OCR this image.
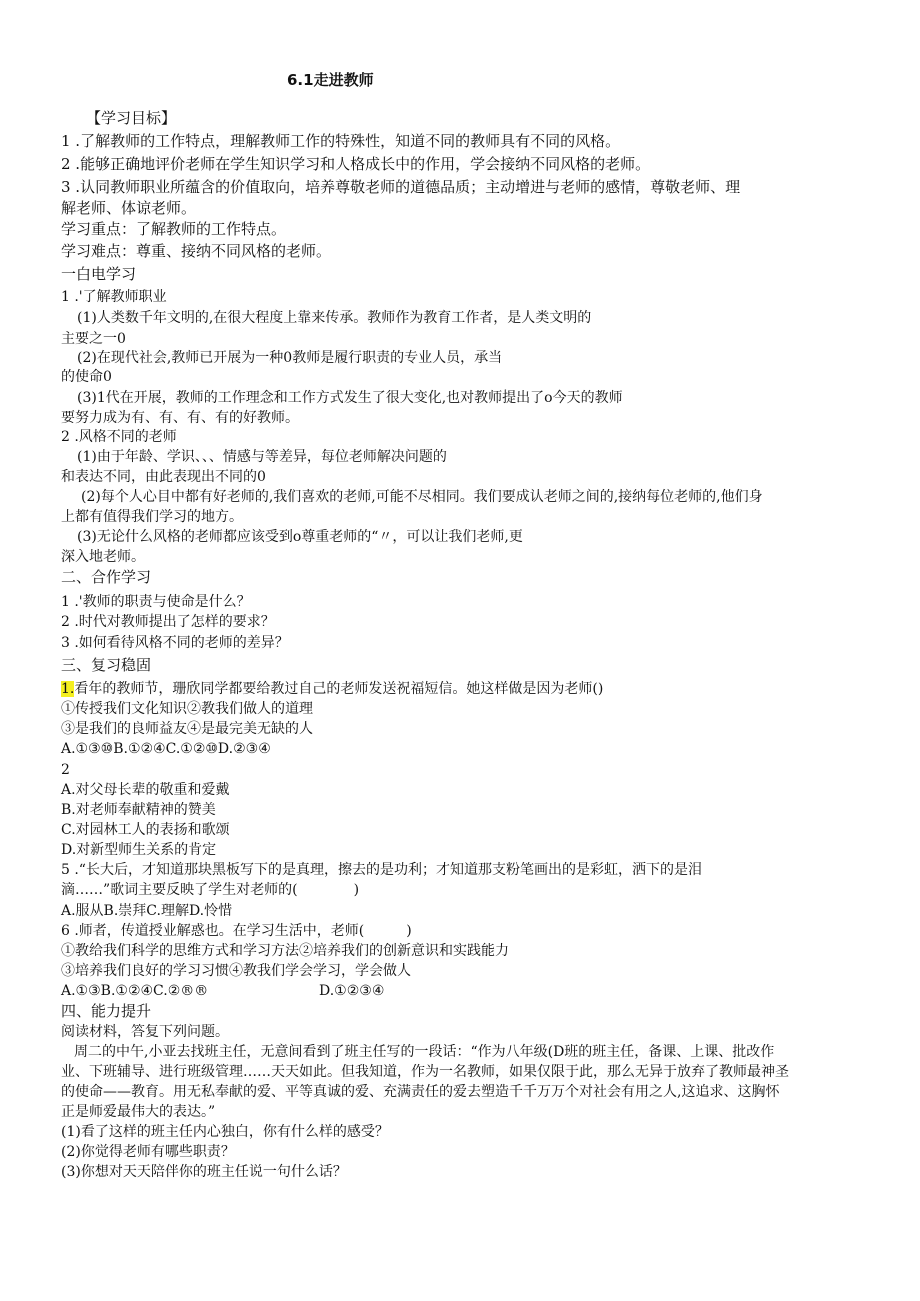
6.1走进教师
【学习目标】
1 .了解教师的工作特点，理解教师工作的特殊性，知道不同的教师具有不同的风格。
2 .能够正确地评价老师在学生知识学习和人格成长中的作用，学会接纳不同风格的老师。
3 .认同教师职业所蕴含的价值取向，培养尊敬老师的道德品质；主动增进与老师的感情，尊敬老师、理
解老师、体谅老师。
学习重点：了解教师的工作特点。
学习难点：尊重、接纳不同风格的老师。
一白电学习
1 .'了解教师职业
(1)人类数千年文明的,在很大程度上靠来传承。教师作为教育工作者，是人类文明的
主要之一0
(2)在现代社会,教师已开展为一种0教师是履行职责的专业人员，承当
的使命0
(3)1代在开展，教师的工作理念和工作方式发生了很大变化,也对教师提出了o今天的教师
要努力成为有、有、有、有的好教师。
2 .风格不同的老师
(1)由于年龄、学识、、、情感与等差异，每位老师解决问题的
和表达不同，由此表现出不同的0
(2)每个人心目中都有好老师的,我们喜欢的老师,可能不尽相同。我们要成认老师之间的,接纳每位老师的,他们身
上都有值得我们学习的地方。
(3)无论什么风格的老师都应该受到o尊重老师的“〃，可以让我们老师,更
深入地老师。
二、合作学习
1 .'教师的职责与使命是什么？
2 .时代对教师提出了怎样的要求？
3 .如何看待风格不同的老师的差异？
三、复习稳固
1.看年的教师节，珊欣同学都要给教过自己的老师发送祝福短信。她这样做是因为老师()
①传授我们文化知识②教我们做人的道理
③是我们的良师益友④是最完美无缺的人
A.①③⑩B.①②④C.①②⑩D.②③④
2
A.对父母长辈的敬重和爱戴
B.对老师奉献精神的赞美
C.对园林工人的表扬和歌颂
D.对新型师生关系的肯定
5 .“长大后，才知道那块黑板写下的是真理，擦去的是功利；才知道那支粉笔画出的是彩虹，洒下的是泪
滴……”歌词主要反映了学生对老师的(　　　　)
A.服从B.崇拜C.理解D.怜惜
6 .师者，传道授业解惑也。在学习生活中，老师(　　　)
①教给我们科学的思维方式和学习方法②培养我们的创新意识和实践能力
③培养我们良好的学习习惯④教我们学会学习，学会做人
A.①③B.①②④C.②®®	D.①②③④
四、能力提升
阅读材料，答复下列问题。
周二的中午,小亚去找班主任，无意间看到了班主任写的一段话：“作为八年级(D班的班主任，备课、上课、批改作
业、下班辅导、进行班级管理……天天如此。但我知道，作为一名教师，如果仅限于此，那么无异于放弃了教师最神圣
的使命——教育。用无私奉献的爱、平等真诚的爱、充满责任的爱去塑造千千万万个对社会有用之人,这追求、这胸怀
正是师爱最伟大的表达。”
(1)看了这样的班主任内心独白，你有什么样的感受？
(2)你觉得老师有哪些职责？
(3)你想对天天陪伴你的班主任说一句什么话？
